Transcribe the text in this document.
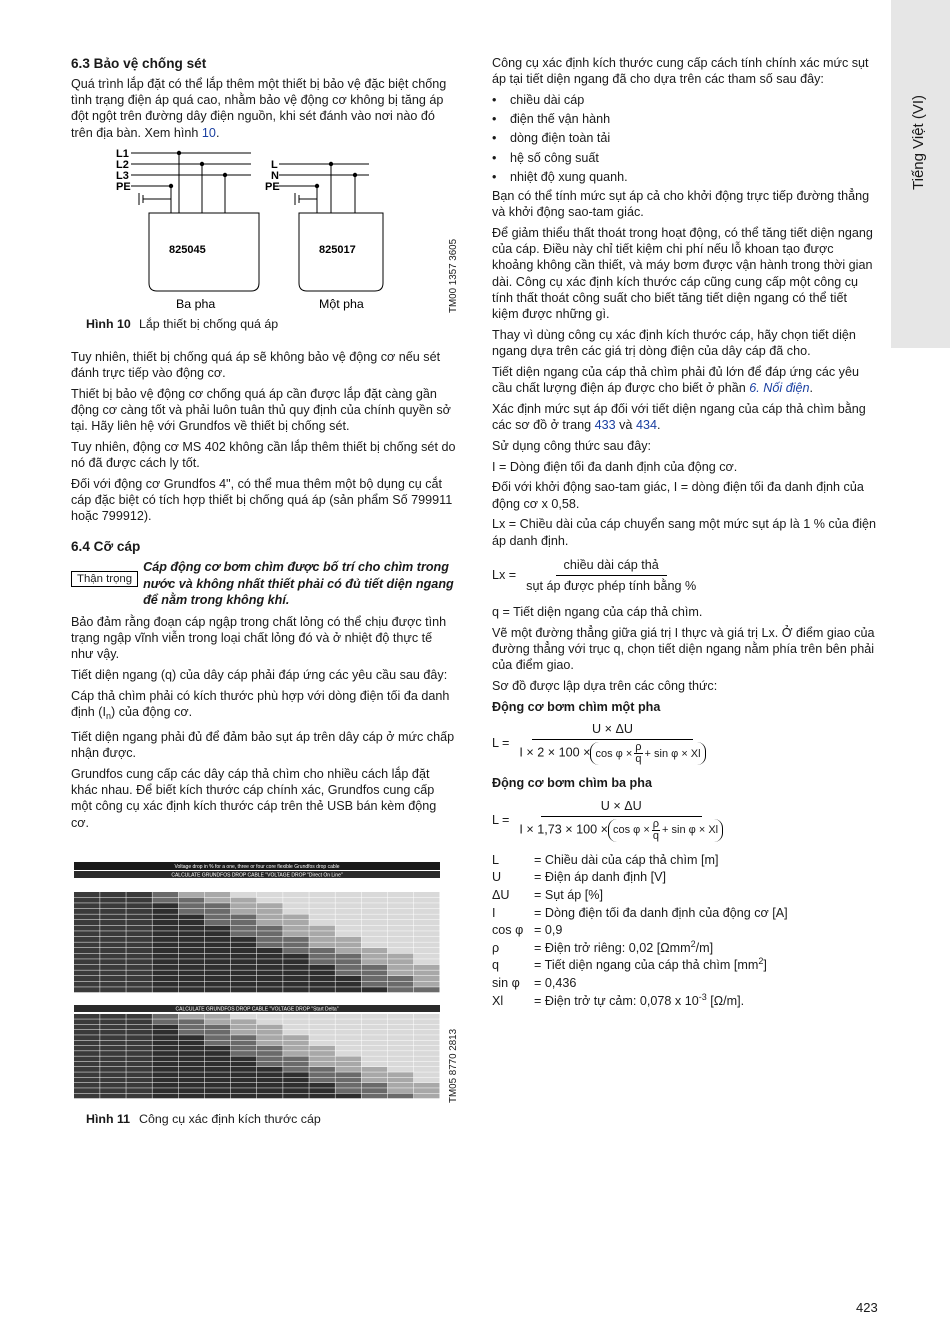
Tiếng Việt (VI)
6.3 Bảo vệ chống sét

Quá trình lắp đặt có thể lắp thêm một thiết bị bảo vệ đặc biệt chống tình trạng điện áp quá cao, nhằm bảo vệ động cơ không bị tăng áp đột ngột trên đường dây điện nguồn, khi sét đánh vào nơi nào đó trên địa bàn. Xem hình 10.

L1
L2
L3
PE
L
N
PE
825045	825017
Ba pha	Một pha	TM00 1357 3605
Hình 10 Lắp thiết bị chống quá áp

Tuy nhiên, thiết bị chống quá áp sẽ không bảo vệ động cơ nếu sét đánh trực tiếp vào động cơ.

Thiết bị bảo vệ động cơ chống quá áp cần được lắp đặt càng gần động cơ càng tốt và phải luôn tuân thủ quy định của chính quyền sở tại. Hãy liên hệ với Grundfos về thiết bị chống sét.

Tuy nhiên, động cơ MS 402 không cần lắp thêm thiết bị chống sét do nó đã được cách ly tốt.

Đối với động cơ Grundfos 4", có thể mua thêm một bộ dụng cụ cắt cáp đặc biệt có tích hợp thiết bị chống quá áp (sản phẩm Số 799911 hoặc 799912).

6.4 Cỡ cáp
Thận trọng
Cáp động cơ bơm chìm được bố trí cho chìm trong nước và không nhất thiết phải có đủ tiết diện ngang để nằm trong không khí.

Bảo đảm rằng đoạn cáp ngập trong chất lỏng có thể chịu được tình trạng ngập vĩnh viễn trong loại chất lỏng đó và ở nhiệt độ thực tế như vậy.

Tiết diện ngang (q) của dây cáp phải đáp ứng các yêu cầu sau đây:

Cáp thả chìm phải có kích thước phù hợp với dòng điện tối đa danh định $(I_n)$ của động cơ.

Tiết diện ngang phải đủ để đảm bảo sụt áp trên dây cáp ở mức chấp nhận được.

Grundfos cung cấp các dây cáp thả chìm cho nhiều cách lắp đặt khác nhau. Để biết kích thước cáp chính xác, Grundfos cung cấp một công cụ xác định kích thước cáp trên thẻ USB bán kèm động cơ.

Voltage drop in % for a one, three or four core flexible Grundfos drop cable
CALCULATE GRUNDFOS DROP CABLE "VOLTAGE DROP "Direct On Line"
CALCULATE GRUNDFOS DROP CABLE "VOLTAGE DROP "Start Delta"
TM05 8770 2813
Hình 11 Công cụ xác định kích thước cáp

Công cụ xác định kích thước cung cấp cách tính chính xác mức sụt áp tại tiết diện ngang đã cho dựa trên các tham số sau đây:

• chiều dài cáp
• điện thế vận hành
• dòng điện toàn tải
• hệ số công suất
• nhiệt độ xung quanh.

Bạn có thể tính mức sụt áp cả cho khởi động trực tiếp đường thẳng và khởi động sao-tam giác.

Để giảm thiểu thất thoát trong hoạt động, có thể tăng tiết diện ngang của cáp. Điều này chỉ tiết kiệm chi phí nếu lỗ khoan tạo được khoảng không cần thiết, và máy bơm được vận hành trong thời gian dài. Công cụ xác định kích thước cáp cũng cung cấp một công cụ tính thất thoát công suất cho biết tăng tiết diện ngang có thể tiết kiệm được những gì.

Thay vì dùng công cụ xác định kích thước cáp, hãy chọn tiết diện ngang dựa trên các giá trị dòng điện của dây cáp đã cho.

Tiết diện ngang của cáp thả chìm phải đủ lớn để đáp ứng các yêu cầu chất lượng điện áp được cho biết ở phần 6. Nối điện.

Xác định mức sụt áp đối với tiết diện ngang của cáp thả chìm bằng các sơ đồ ở trang 433 và 434.

Sử dụng công thức sau đây:

I = Dòng điện tối đa danh định của động cơ.

Đối với khởi động sao-tam giác, I = dòng điện tối đa danh định của động cơ x 0,58.

Lx = Chiều dài của cáp chuyển sang một mức sụt áp là 1 % của điện áp danh định.

$Lx = \frac{\text{chiều dài cáp thả}}{\text{sụt áp được phép tính bằng \%}}$

q = Tiết diện ngang của cáp thả chìm.

Vẽ một đường thẳng giữa giá trị I thực và giá trị Lx. Ở điểm giao của đường thẳng với trục q, chọn tiết diện ngang nằm phía trên bên phải của điểm giao.

Sơ đồ được lập dựa trên các công thức:

Động cơ bơm chìm một pha

$L = \frac{U \times \Delta U}{I \times 2 \times 100 \times \cos \varphi \times \frac{\rho}{q} + \sin \varphi \times Xl}$

Động cơ bơm chìm ba pha

$L = \frac{U \times \Delta U}{I \times 1,73 \times 100 \times \cos \varphi \times \frac{\rho}{q} + \sin \varphi \times Xl}$
L	= Chiều dài của cáp thả chìm [m]
U	= Điện áp danh định [V]
ΔU	= Sụt áp [%]
I	= Dòng điện tối đa danh định của động cơ [A]
cos φ = 0,9
ρ	= Điện trở riêng: 0,02 [Ωmm$^2$/m]
q	= Tiết diện ngang của cáp thả chìm $[mm^2]$
sin φ	= 0,436
Xl	= Điện trở tự cảm: 0,078 x $10^{-3}$ [Ω/m].
423
